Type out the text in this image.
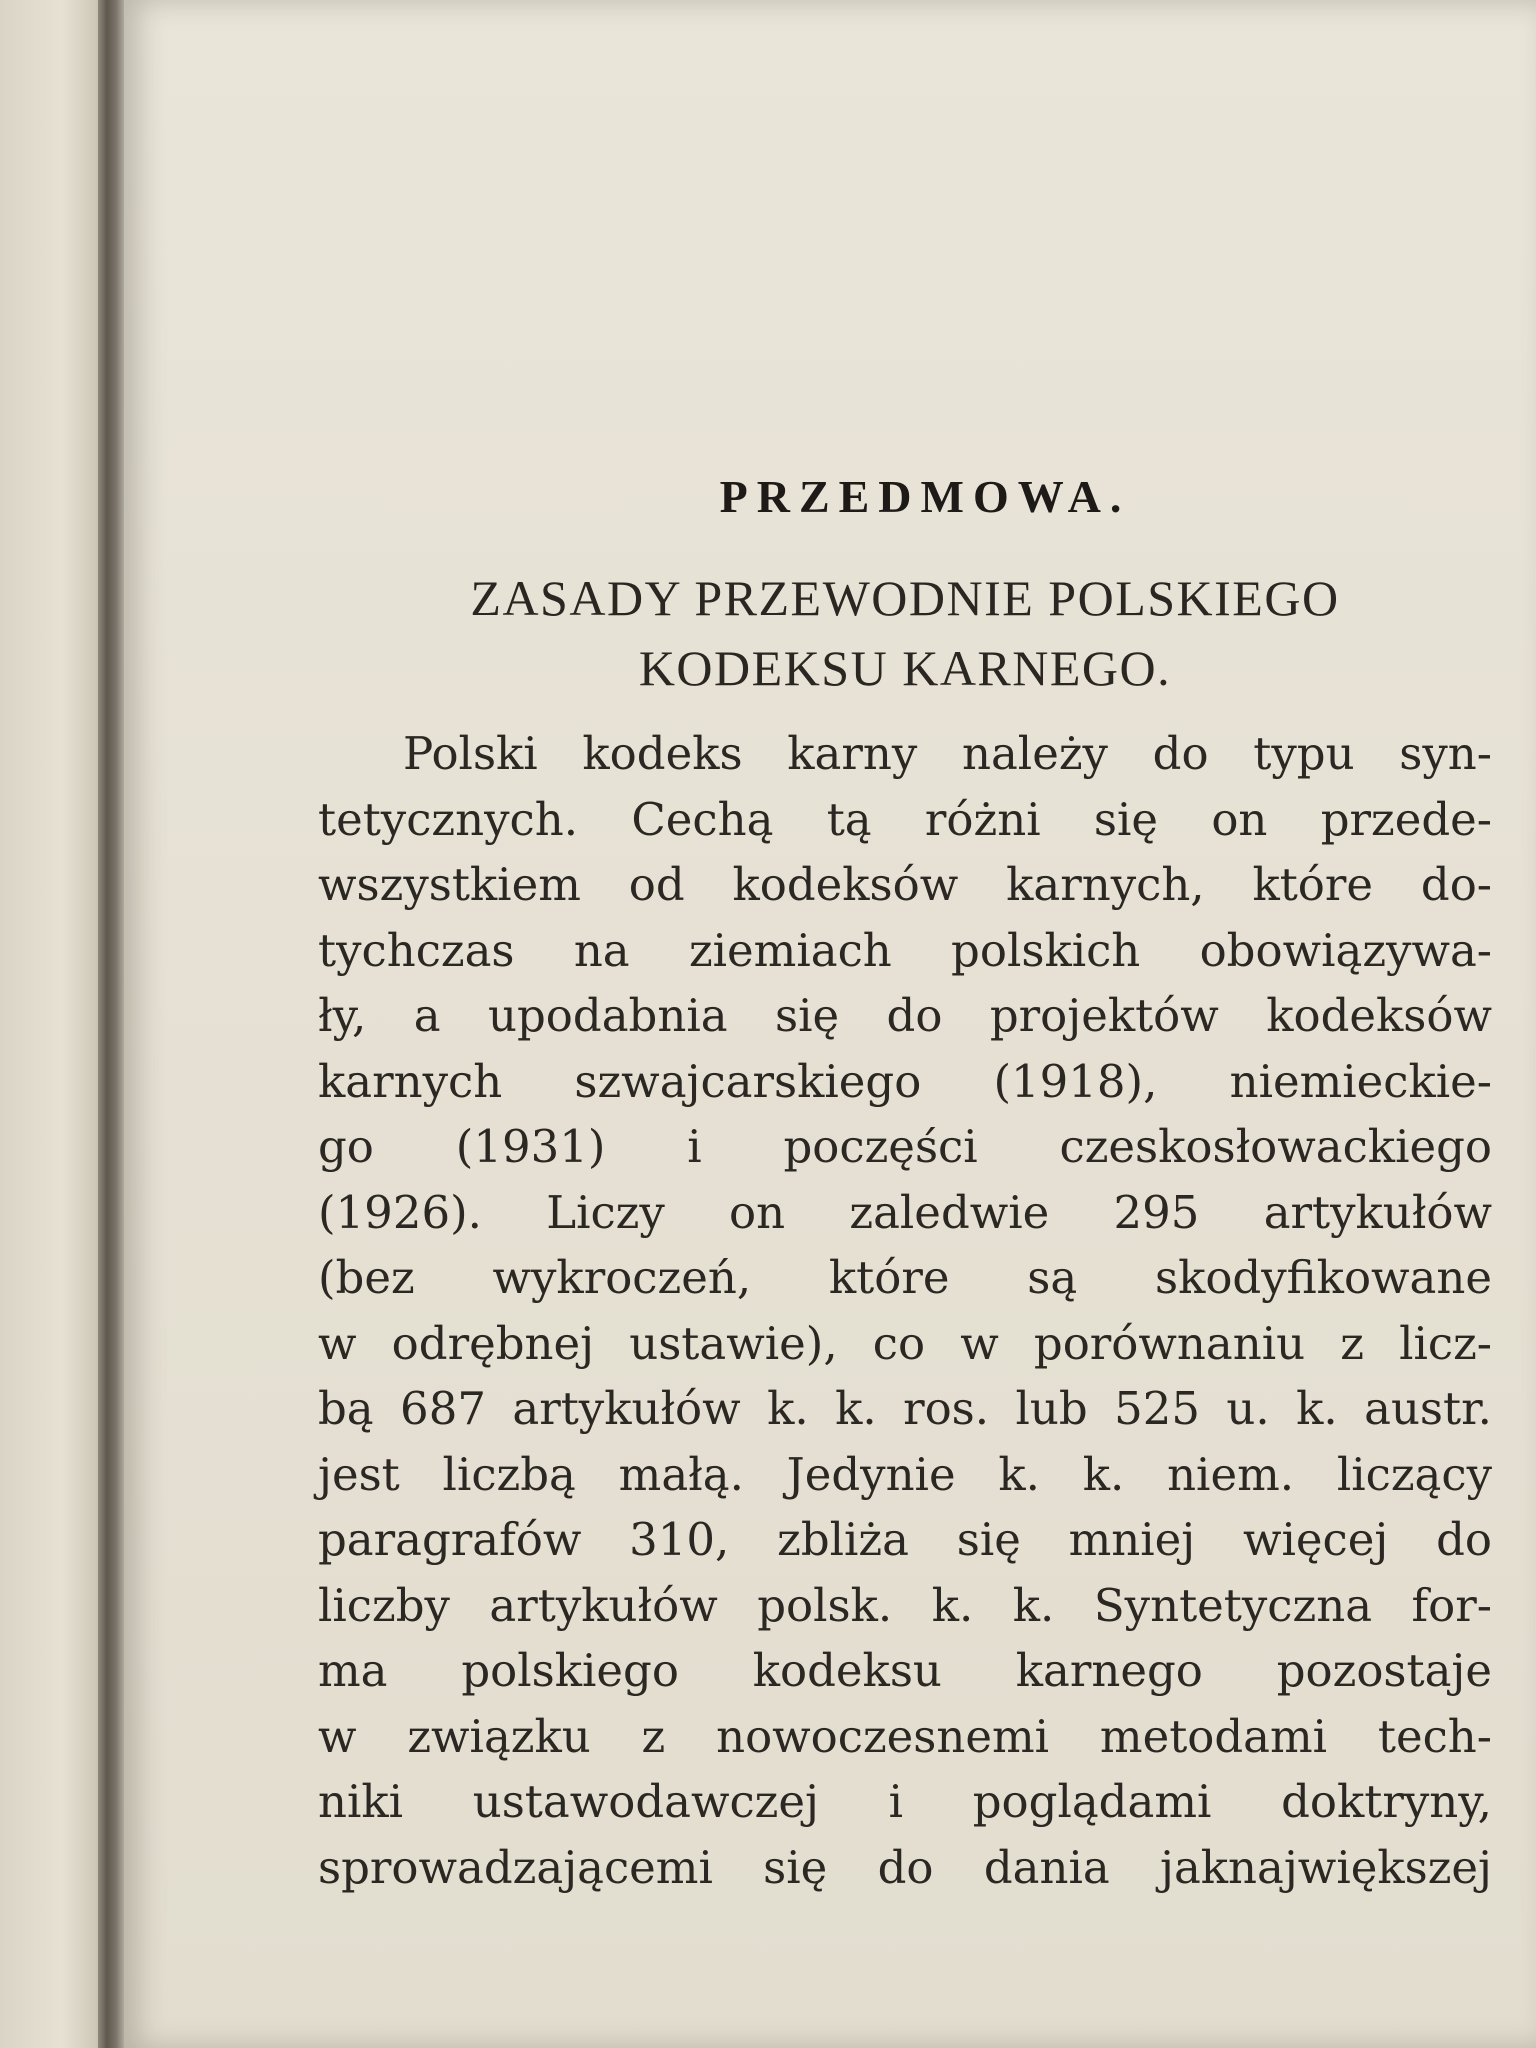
PRZEDMOWA.
ZASADY PRZEWODNIE POLSKIEGO
KODEKSU KARNEGO.
Polski kodeks karny należy do typu syn-
tetycznych. Cechą tą różni się on przede-
wszystkiem od kodeksów karnych, które do-
tychczas na ziemiach polskich obowiązywa-
ły, a upodabnia się do projektów kodeksów
karnych szwajcarskiego (1918), niemieckie-
go (1931) i poczęści czeskosłowackiego
(1926). Liczy on zaledwie 295 artykułów
(bez wykroczeń, które są skodyfikowane
w odrębnej ustawie), co w porównaniu z licz-
bą 687 artykułów k. k. ros. lub 525 u. k. austr.
jest liczbą małą. Jedynie k. k. niem. liczący
paragrafów 310, zbliża się mniej więcej do
liczby artykułów polsk. k. k. Syntetyczna for-
ma polskiego kodeksu karnego pozostaje
w związku z nowoczesnemi metodami tech-
niki ustawodawczej i poglądami doktryny,
sprowadzającemi się do dania jaknajwiększej
